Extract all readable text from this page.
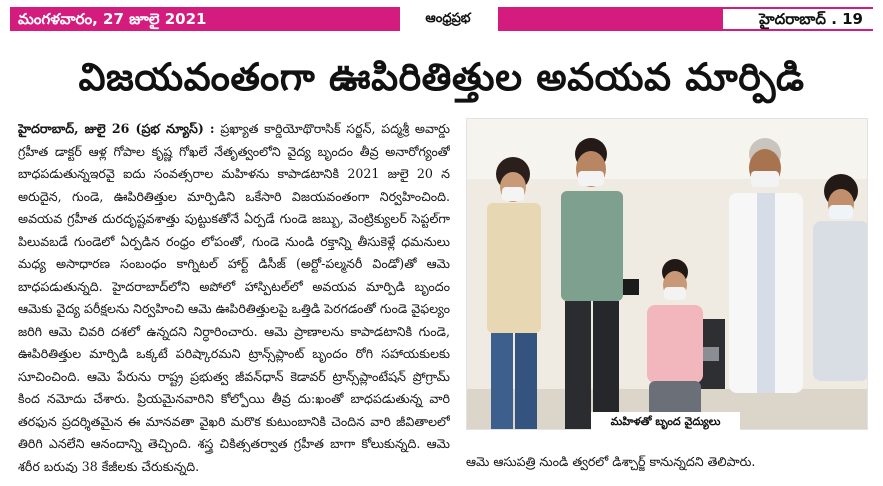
మంగళవారం, 27 జూలై 2021	ఆంధ్రప్రభ	హైదరాబాద్ . 19
విజయవంతంగా ఊపిరితిత్తుల అవయవ మార్పిడి
హైదరాబాద్, జులై 26 (ప్రభ న్యూస్) : ప్రఖ్యాత కార్డియోథొరాసిక్ సర్జన్, పద్మశ్రీ అవార్డు గ్రహీత డాక్టర్ ఆళ్ల గోపాల కృష్ణ గోఖలే నేతృత్వంలోని వైద్య బృందం తీవ్ర అనారోగ్యంతో బాధపడుతున్నఇరవై ఐదు సంవత్సరాల మహిళను కాపాడటానికి 2021 జులై 20 న అరుదైన, గుండె, ఊపిరితిత్తుల మార్పిడిని ఒకేసారి విజయవంతంగా నిర్వహించింది. అవయవ గ్రహీత దురదృష్టవశాత్తు పుట్టుకతోనే ఏర్పడే గుండె జబ్బు, వెంట్రిక్యులర్ సెప్టల్‌గా పిలువబడే గుండెలో ఏర్పడిన రంధ్రం లోపంతో, గుండె నుండి రక్తాన్ని తీసుకెళ్లే ధమనులు మధ్య అసాధారణ సంబంధం కాగ్నిటల్ హార్ట్ డిసీజ్ (అర్టో-పల్మనరీ విండో)తో ఆమె బాధపడుతున్నది. హైదరాబాద్‌లోని అపోలో హాస్పిటల్‌లో అవయవ మార్పిడి బృందం ఆమెకు వైద్య పరీక్షలను నిర్వహించి ఆమె ఊపిరితిత్తులపై ఒత్తిడి పెరగడంతో గుండె వైఫల్యం జరిగి ఆమె చివరి దశలో ఉన్నదని నిర్ధారించారు. ఆమె ప్రాణాలను కాపాడటానికి గుండె, ఊపిరితిత్తుల మార్పిడి ఒక్కటే పరిష్కారమని ట్రాన్స్‌ప్లాంట్ బృందం రోగి సహాయకులకు సూచించింది. ఆమె పేరును రాష్ట్ర ప్రభుత్వ జీవన్‌ధాన్ కెడావర్ ట్రాన్స్‌ప్లాంటేషన్ ప్రోగ్రామ్ కింద నమోదు చేశారు. ప్రియమైనవారిని కోల్పోయి తీవ్ర దు:ఖంతో బాధపడుతున్న వారి తరఫున ప్రదర్శితమైన ఈ మానవతా వైఖరి మరొక కుటుంబానికి చెందిన వారి జీవితాలలో తిరిగి ఎనలేని ఆనందాన్ని తెచ్చింది. శస్త్ర చికిత్సతర్వాత గ్రహీత బాగా కోలుకున్నది. ఆమె శరీర బరువు 38 కేజీలకు చేరుకున్నది.
మహిళతో బృంద వైద్యులు
ఆమె ఆసుపత్రి నుండి త్వరలో డిశ్చార్జ్ కానున్నదని తెలిపారు.
